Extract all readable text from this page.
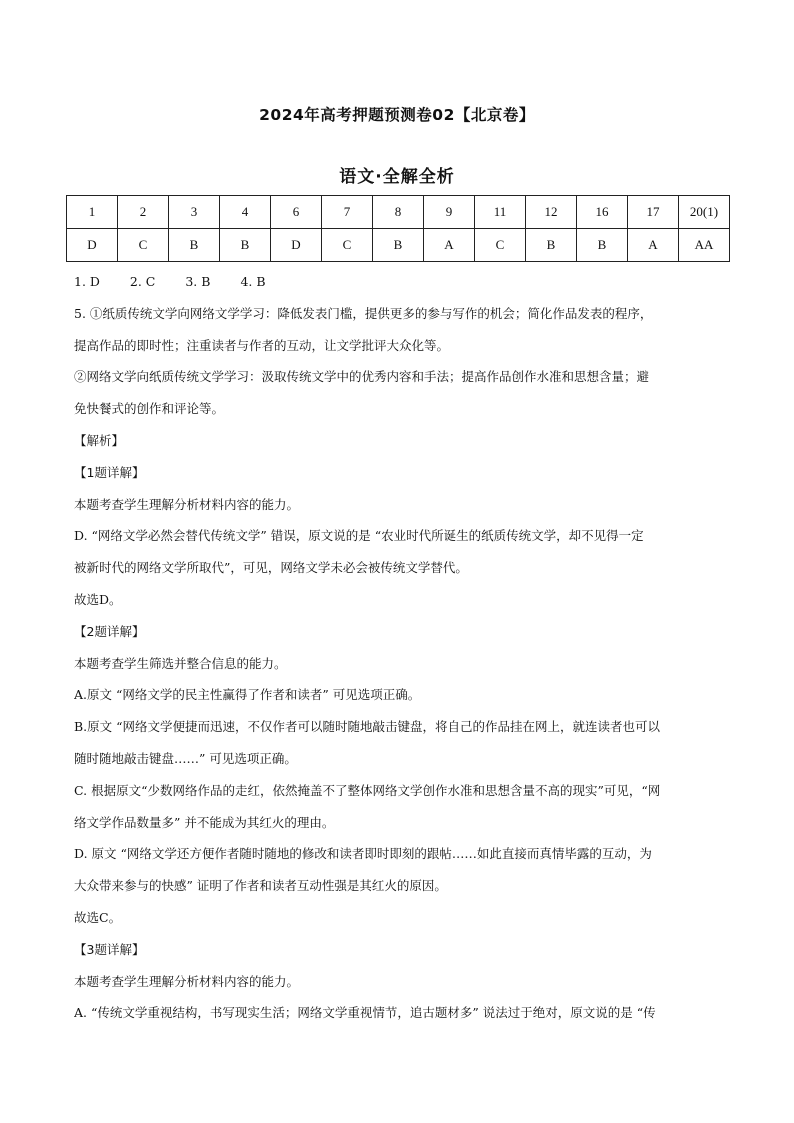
2024年高考押题预测卷02【北京卷】
语文·全解全析
1	2	3	4	6	7	8	9	11	12	16	17	20(1)
D	C	B	B	D	C	B	A	C	B	B	A	AA

1. D 2. C 3. B 4. B

5. ①纸质传统文学向网络文学学习：降低发表门槛，提供更多的参与写作的机会；简化作品发表的程序，

提高作品的即时性；注重读者与作者的互动，让文学批评大众化等。

②网络文学向纸质传统文学学习：汲取传统文学中的优秀内容和手法；提高作品创作水准和思想含量；避

免快餐式的创作和评论等。

【解析】

【1题详解】

本题考查学生理解分析材料内容的能力。

D. “网络文学必然会替代传统文学” 错误，原文说的是 “农业时代所诞生的纸质传统文学，却不见得一定

被新时代的网络文学所取代”，可见，网络文学未必会被传统文学替代。

故选D。

【2题详解】

本题考查学生筛选并整合信息的能力。

A.原文 “网络文学的民主性赢得了作者和读者” 可见选项正确。

B.原文 “网络文学便捷而迅速，不仅作者可以随时随地敲击键盘，将自己的作品挂在网上，就连读者也可以

随时随地敲击键盘……” 可见选项正确。

C. 根据原文“少数网络作品的走红，依然掩盖不了整体网络文学创作水准和思想含量不高的现实”可见，“网

络文学作品数量多” 并不能成为其红火的理由。

D. 原文 “网络文学还方便作者随时随地的修改和读者即时即刻的跟帖……如此直接而真情毕露的互动，为

大众带来参与的快感” 证明了作者和读者互动性强是其红火的原因。

故选C。

【3题详解】

本题考查学生理解分析材料内容的能力。

A. “传统文学重视结构，书写现实生活；网络文学重视情节，追古题材多” 说法过于绝对，原文说的是 “传
